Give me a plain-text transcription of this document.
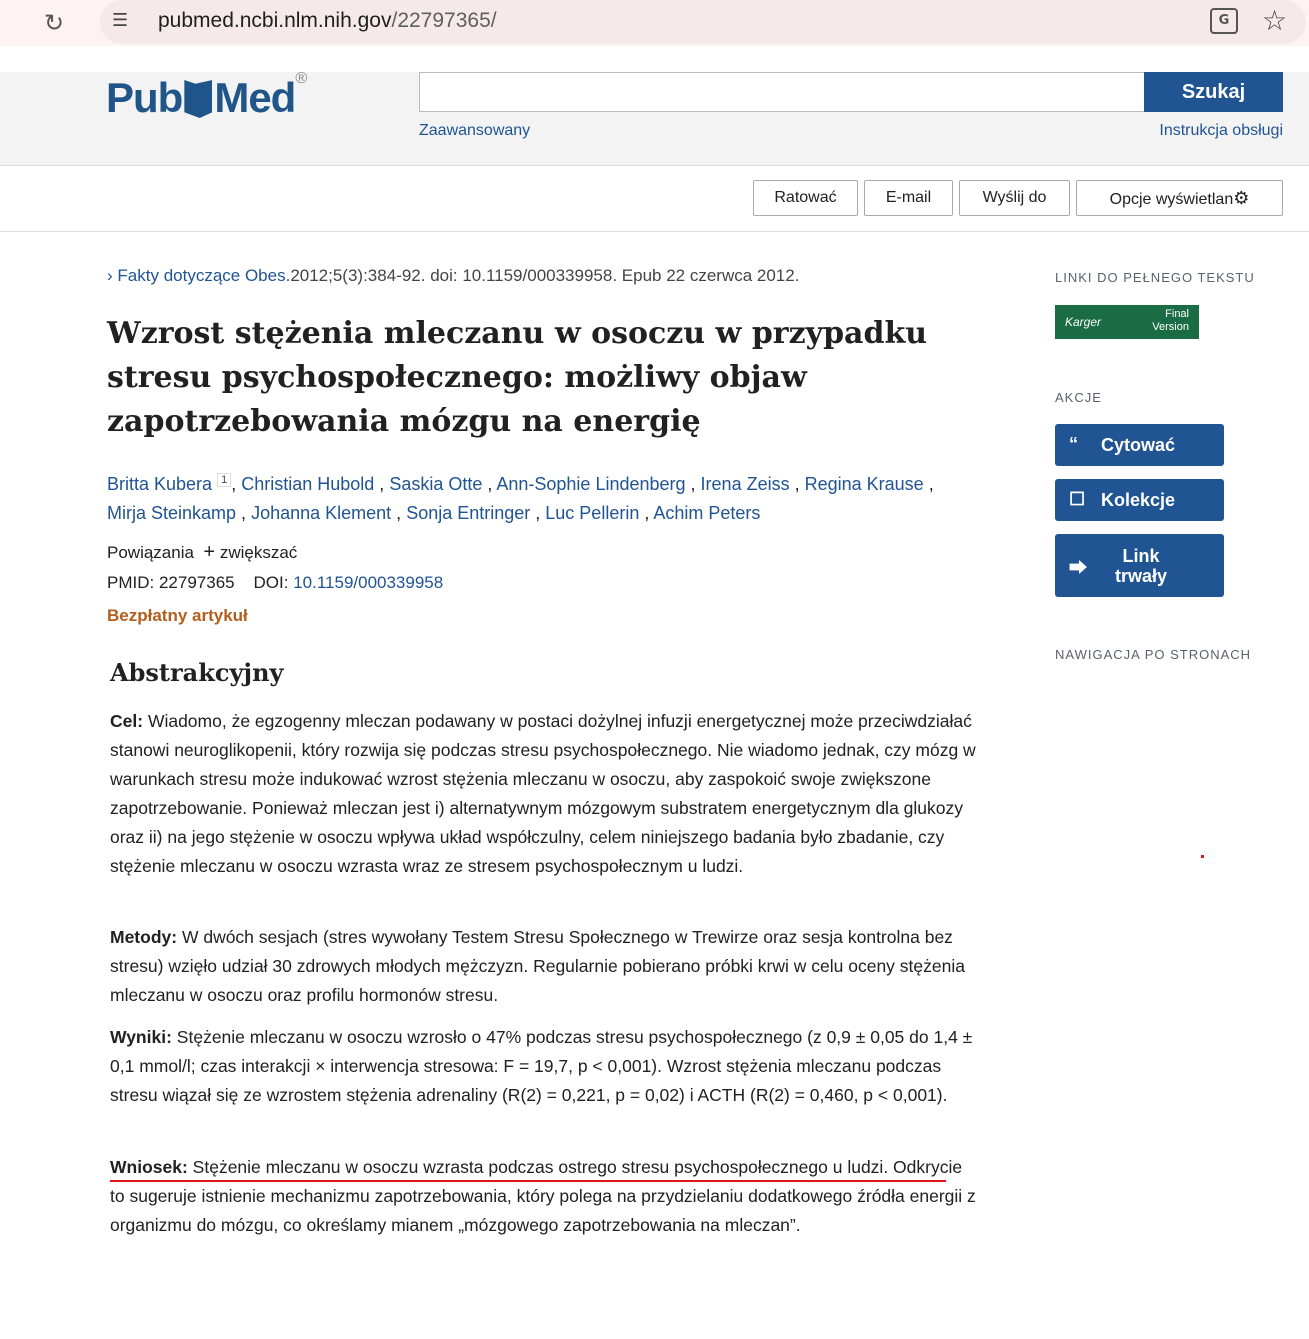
↻	☰ pubmed.ncbi.nlm.nih.gov/22797365/	G	☆
Pub Med®
Szukaj
Zaawansowany	Instrukcja obsługi
Ratować	E-mail	Wyślij do	Opcje wyświetlan⚙
› Fakty dotyczące Obes.2012;5(3):384-92. doi: 10.1159/000339958. Epub 22 czerwca 2012.
Wzrost stężenia mleczanu w osoczu w przypadku stresu psychospołecznego: możliwy objaw zapotrzebowania mózgu na energię
Britta Kubera $^1$ , Christian Hubold , Saskia Otte , Ann-Sophie Lindenberg , Irena Zeiss , Regina Krause ,
Mirja Steinkamp , Johanna Klement , Sonja Entringer , Luc Pellerin , Achim Peters
Powiązania + zwiększać
PMID: 22797365 DOI: 10.1159/000339958
Bezpłatny artykuł
Abstrakcyjny

Cel: Wiadomo, że egzogenny mleczan podawany w postaci dożylnej infuzji energetycznej może przeciwdziałać stanowi neuroglikopenii, który rozwija się podczas stresu psychospołecznego. Nie wiadomo jednak, czy mózg w warunkach stresu może indukować wzrost stężenia mleczanu w osoczu, aby zaspokoić swoje zwiększone zapotrzebowanie. Ponieważ mleczan jest i) alternatywnym mózgowym substratem energetycznym dla glukozy oraz ii) na jego stężenie w osoczu wpływa układ współczulny, celem niniejszego badania było zbadanie, czy stężenie mleczanu w osoczu wzrasta wraz ze stresem psychospołecznym u ludzi.

Metody: W dwóch sesjach (stres wywołany Testem Stresu Społecznego w Trewirze oraz sesja kontrolna bez stresu) wzięło udział 30 zdrowych młodych mężczyzn. Regularnie pobierano próbki krwi w celu oceny stężenia mleczanu w osoczu oraz profilu hormonów stresu.

Wyniki: Stężenie mleczanu w osoczu wzrosło o 47% podczas stresu psychospołecznego (z 0,9 ± 0,05 do 1,4 ± 0,1 mmol/l; czas interakcji × interwencja stresowa: F = 19,7, p < 0,001). Wzrost stężenia mleczanu podczas stresu wiązał się ze wzrostem stężenia adrenaliny (R(2) = 0,221, p = 0,02) i ACTH (R(2) = 0,460, p < 0,001).

Wniosek: Stężenie mleczanu w osoczu wzrasta podczas ostrego stresu psychospołecznego u ludzi. Odkrycie to sugeruje istnienie mechanizmu zapotrzebowania, który polega na przydzielaniu dodatkowego źródła energii z organizmu do mózgu, co określamy mianem „mózgowego zapotrzebowania na mleczan”.

LINKI DO PEŁNEGO TEKSTU
Karger
Final Version
AKCJE
“	Cytować
☐ Kolekcje
⮕
Link trwały
NAWIGACJA PO STRONACH
